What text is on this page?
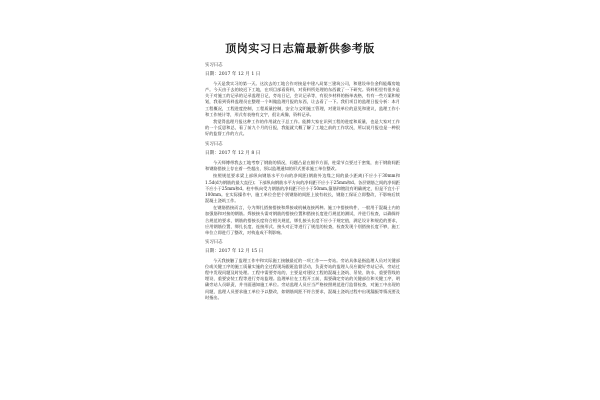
顶岗实习日志篇最新供参考版
实习日志
日期：2017 年 12 月 1 日

今天是我实习的第一天。这次去的工地合作对接是中建八局第三建筑公司，和建设单位金科能耀房地产。今天由于去的较迟下工地，在项目部看资料，对资料所处理的东西做了一下研究。资料柜里有很多是关于对施工的记录的记录监理日记，旁站日记，会议记录等，有很多材料的指单表格，有有一些方案和规划，我看到资料监理员在整理一个叫做监理月报的东西，让去看了一下。我们项目的监理日报分析：本月工程概况，工程进度控制，工程质量控制，安全与文明施工管理，对建设单位的意见和建议，监理工作小和工作统计等，形式有表格有文字，很让成像，资料记录。

我觉得监理月报这种工作的作用就在于总工作。能腾大家在识到工程的进度和质量，也是大家对工作的一个反思和总，看了前九个月的日报，我能就大概了解了工地之前的工作状况，所以说月报也是一种很好的监督工作的方式。

实习日志
日期：2017 年 12 月 8 日

今天师傅带我去工地考察了钢筋的情况，问题凸显在细节方面，柱梁节点要过于密集，由于钢筋间距和钢筋搭接上存在着一些超出，须以监理通知的形式要求施工单位整改。

按照规范要求梁上部纵向钢筋水平方向的净间距(钢筋外边缘之间的最小距离)不应小于30mm和1.5d(d为钢筋的最大直径)；下部纵向钢筋水平方向的净间距不应小于25mm和d。各层钢筋之间的净间距不应小于25mm和d。柱中纵向受力钢筋的净间距不应小于50mm,箍筋和镀段有明确规定，但是不宜小于100mm。在实际操作中，施工单位会把个别钢筋的间距上放有较长，钢筋工保证立即整改，不影响后续混凝土浇筑工作。

在钢筋搭接而言，分为绑扎搭接搭接和焊接或机械连接两种。施工中搭接构件，一般用于混凝土内的加强筋和对接的钢筋。焊接接头需对钢筋的搭接位置和搭接长度进行规范的测试，并进行检查，以确保符合规范的要求，钢筋的搭接长度符合相关规范，绑扎接头长度不应小于规定值，满足设计和规范的要求，应用钢筋位置、绑扎长度、连接形式、接头对正等进行了规范的检查，检查发现个别搭接长度不够，施工单位立即进行了整改，对构造成不利影响。

实习日志
日期：2017 年 12 月 15 日

今天我接触了监理工作中和实际施工接触最近的一项工作——旁站。旁站具体是指监理人员对关键部位或关键工序的施工质量实施的全过程现场跟班监督活动，负责旁站的监理人员应做好旁站记录，旁站过程中发现问题及时处理。工程中需要旁站的，主要是对建设工程的混凝土浇筑、吊装、防水、重要管线的埋设、重要安装工程等进行旁站监理。监理单位在工程开工前，需要确定旁站的关键部位和关键工序，明确旁站人员职责，并书面通知施工单位。旁站监理人员应当严格按照规范进行监督检查，对施工中出现的问题，监理人员要求施工单位予以整改，如钢筋间距不符合要求，混凝土浇筑过程中出现漏振等情况要及时指出。
